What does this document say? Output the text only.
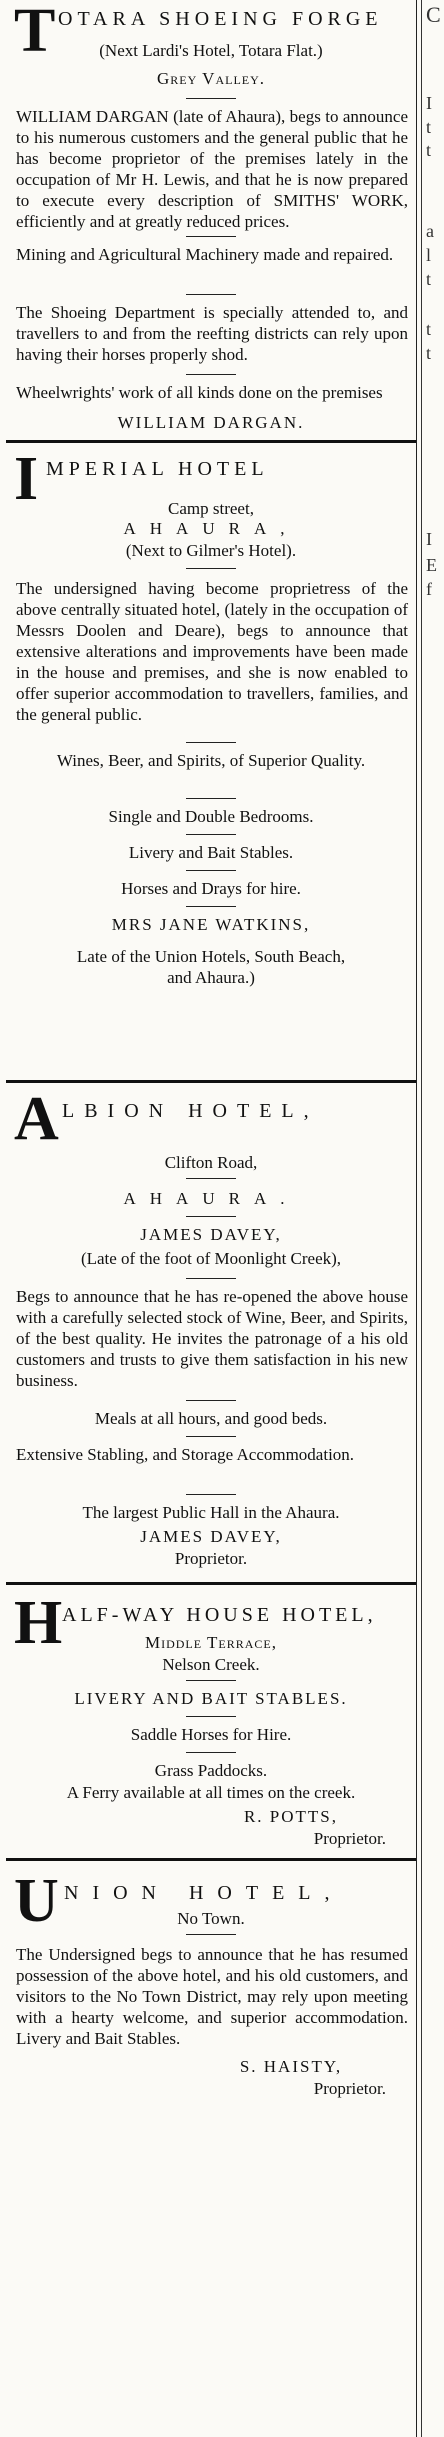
C
I
t
t
a
l
t
t
t
I
E
f
T OTARA SHOEING FORGE
(Next Lardi's Hotel, Totara Flat.)
Grey Valley.
WILLIAM DARGAN (late of Ahaura), begs to announce to his numerous customers and the general public that he has become proprietor of the premises lately in the occupation of Mr H. Lewis, and that he is now prepared to execute every description of SMITHS' WORK, efficiently and at greatly reduced prices.
Mining and Agricultural Machinery made and repaired.
The Shoeing Department is specially attended to, and travellers to and from the reefting districts can rely upon having their horses properly shod.
Wheelwrights' work of all kinds done on the premises
WILLIAM DARGAN.
I MPERIAL HOTEL
Camp street,
AHAURA,
(Next to Gilmer's Hotel).
The undersigned having become proprietress of the above centrally situated hotel, (lately in the occupation of Messrs Doolen and Deare), begs to announce that extensive alterations and improvements have been made in the house and premises, and she is now enabled to offer superior accommodation to travellers, families, and the general public.
Wines, Beer, and Spirits, of Superior Quality.
Single and Double Bedrooms.
Livery and Bait Stables.
Horses and Drays for hire.
MRS JANE WATKINS,
Late of the Union Hotels, South Beach, and Ahaura.)
A LBION HOTEL,
Clifton Road,
AHAURA.
JAMES DAVEY,
(Late of the foot of Moonlight Creek),
Begs to announce that he has re-opened the above house with a carefully selected stock of Wine, Beer, and Spirits, of the best quality. He invites the patronage of a his old customers and trusts to give them satisfaction in his new business.
Meals at all hours, and good beds.
Extensive Stabling, and Storage Accommodation.
The largest Public Hall in the Ahaura.
JAMES DAVEY,
Proprietor.
H ALF-WAY HOUSE HOTEL,
Middle Terrace,
Nelson Creek.
LIVERY AND BAIT STABLES.
Saddle Horses for Hire.
Grass Paddocks.
A Ferry available at all times on the creek.
R. POTTS,
Proprietor.
U NION HOTEL,
No Town.
The Undersigned begs to announce that he has resumed possession of the above hotel, and his old customers, and visitors to the No Town District, may rely upon meeting with a hearty welcome, and superior accommodation. Livery and Bait Stables.
S. HAISTY,
Proprietor.
